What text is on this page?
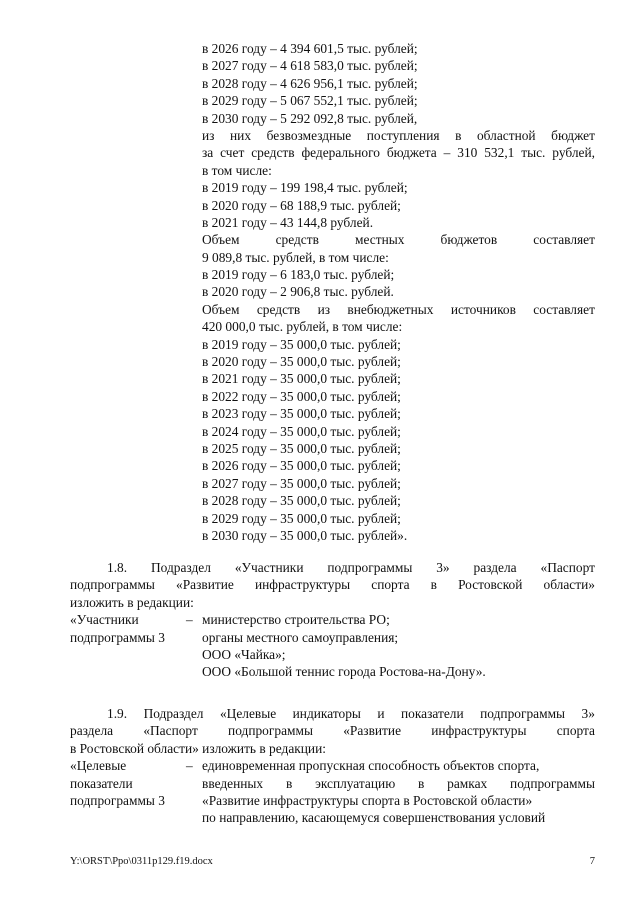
в 2026 году – 4 394 601,5 тыс. рублей;
в 2027 году – 4 618 583,0 тыс. рублей;
в 2028 году – 4 626 956,1 тыс. рублей;
в 2029 году – 5 067 552,1 тыс. рублей;
в 2030 году – 5 292 092,8 тыс. рублей,
из них безвозмездные поступления в областной бюджет
за счет средств федерального бюджета – 310 532,1 тыс. рублей,
в том числе:
в 2019 году – 199 198,4 тыс. рублей;
в 2020 году – 68 188,9 тыс. рублей;
в 2021 году – 43 144,8 рублей.
Объем	средств	местных	бюджетов	составляет
9 089,8 тыс. рублей, в том числе:
в 2019 году – 6 183,0 тыс. рублей;
в 2020 году – 2 906,8 тыс. рублей.
Объем средств из внебюджетных источников составляет
420 000,0 тыс. рублей, в том числе:
в 2019 году – 35 000,0 тыс. рублей;
в 2020 году – 35 000,0 тыс. рублей;
в 2021 году – 35 000,0 тыс. рублей;
в 2022 году – 35 000,0 тыс. рублей;
в 2023 году – 35 000,0 тыс. рублей;
в 2024 году – 35 000,0 тыс. рублей;
в 2025 году – 35 000,0 тыс. рублей;
в 2026 году – 35 000,0 тыс. рублей;
в 2027 году – 35 000,0 тыс. рублей;
в 2028 году – 35 000,0 тыс. рублей;
в 2029 году – 35 000,0 тыс. рублей;
в 2030 году – 35 000,0 тыс. рублей».
1.8. Подраздел «Участники подпрограммы 3» раздела «Паспорт
подпрограммы «Развитие инфраструктуры спорта в Ростовской области»
изложить в редакции:
«Участники	– министерство строительства РО;
подпрограммы 3	органы местного самоуправления;
ООО «Чайка»;
ООО «Большой теннис города Ростова-на-Дону».
1.9. Подраздел «Целевые индикаторы и показатели подпрограммы 3»
раздела «Паспорт подпрограммы «Развитие инфраструктуры спорта
в Ростовской области» изложить в редакции:
«Целевые	– единовременная пропускная способность объектов спорта,
показатели	введенных в эксплуатацию в рамках подпрограммы
подпрограммы 3	«Развитие инфраструктуры спорта в Ростовской области»
по направлению, касающемуся совершенствования условий
Y:\ORST\Ppo\0311p129.f19.docx	7
